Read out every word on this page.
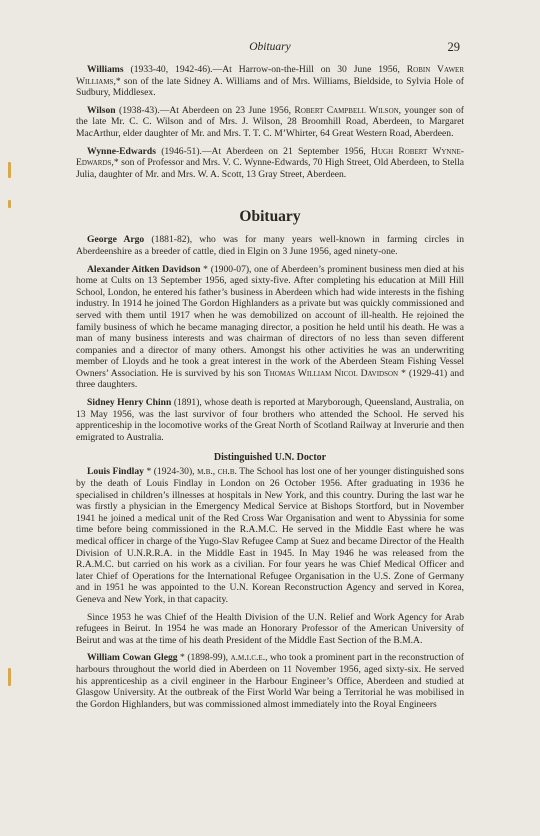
Obituary	29

Williams (1933-40, 1942-46).—At Harrow-on-the-Hill on 30 June 1956, Robin Vawer Williams,* son of the late Sidney A. Williams and of Mrs. Williams, Bieldside, to Sylvia Hole of Sudbury, Middlesex.

Wilson (1938-43).—At Aberdeen on 23 June 1956, Robert Campbell Wilson, younger son of the late Mr. C. C. Wilson and of Mrs. J. Wilson, 28 Broomhill Road, Aberdeen, to Margaret MacArthur, elder daughter of Mr. and Mrs. T. T. C. M’Whirter, 64 Great Western Road, Aberdeen.

Wynne-Edwards (1946-51).—At Aberdeen on 21 September 1956, Hugh Robert Wynne-Edwards,* son of Professor and Mrs. V. C. Wynne-Edwards, 70 High Street, Old Aberdeen, to Stella Julia, daughter of Mr. and Mrs. W. A. Scott, 13 Gray Street, Aberdeen.

Obituary

George Argo (1881-82), who was for many years well-known in farming circles in Aberdeenshire as a breeder of cattle, died in Elgin on 3 June 1956, aged ninety-one.

Alexander Aitken Davidson * (1900-07), one of Aberdeen’s prominent business men died at his home at Cults on 13 September 1956, aged sixty-five. After completing his education at Mill Hill School, London, he entered his father’s business in Aberdeen which had wide interests in the fishing industry. In 1914 he joined The Gordon Highlanders as a private but was quickly commissioned and served with them until 1917 when he was demobilized on account of ill-health. He rejoined the family business of which he became managing director, a position he held until his death. He was a man of many business interests and was chairman of directors of no less than seven different companies and a director of many others. Amongst his other activities he was an underwriting member of Lloyds and he took a great interest in the work of the Aberdeen Steam Fishing Vessel Owners’ Association. He is survived by his son Thomas William Nicol Davidson * (1929-41) and three daughters.

Sidney Henry Chinn (1891), whose death is reported at Maryborough, Queensland, Australia, on 13 May 1956, was the last survivor of four brothers who attended the School. He served his apprenticeship in the locomotive works of the Great North of Scotland Railway at Inverurie and then emigrated to Australia.

Distinguished U.N. Doctor

Louis Findlay * (1924-30), m.b., ch.b. The School has lost one of her younger distinguished sons by the death of Louis Findlay in London on 26 October 1956. After graduating in 1936 he specialised in children’s illnesses at hospitals in New York, and this country. During the last war he was firstly a physician in the Emergency Medical Service at Bishops Stortford, but in November 1941 he joined a medical unit of the Red Cross War Organisation and went to Abyssinia for some time before being commissioned in the R.A.M.C. He served in the Middle East where he was medical officer in charge of the Yugo-Slav Refugee Camp at Suez and became Director of the Health Division of U.N.R.R.A. in the Middle East in 1945. In May 1946 he was released from the R.A.M.C. but carried on his work as a civilian. For four years he was Chief Medical Officer and later Chief of Operations for the International Refugee Organisation in the U.S. Zone of Germany and in 1951 he was appointed to the U.N. Korean Reconstruction Agency and served in Korea, Geneva and New York, in that capacity.

Since 1953 he was Chief of the Health Division of the U.N. Relief and Work Agency for Arab refugees in Beirut. In 1954 he was made an Honorary Professor of the American University of Beirut and was at the time of his death President of the Middle East Section of the B.M.A.

William Cowan Glegg * (1898-99), a.m.i.c.e., who took a prominent part in the reconstruction of harbours throughout the world died in Aberdeen on 11 November 1956, aged sixty-six. He served his apprenticeship as a civil engineer in the Harbour Engineer’s Office, Aberdeen and studied at Glasgow University. At the outbreak of the First World War being a Territorial he was mobilised in the Gordon Highlanders, but was commissioned almost immediately into the Royal Engineers
